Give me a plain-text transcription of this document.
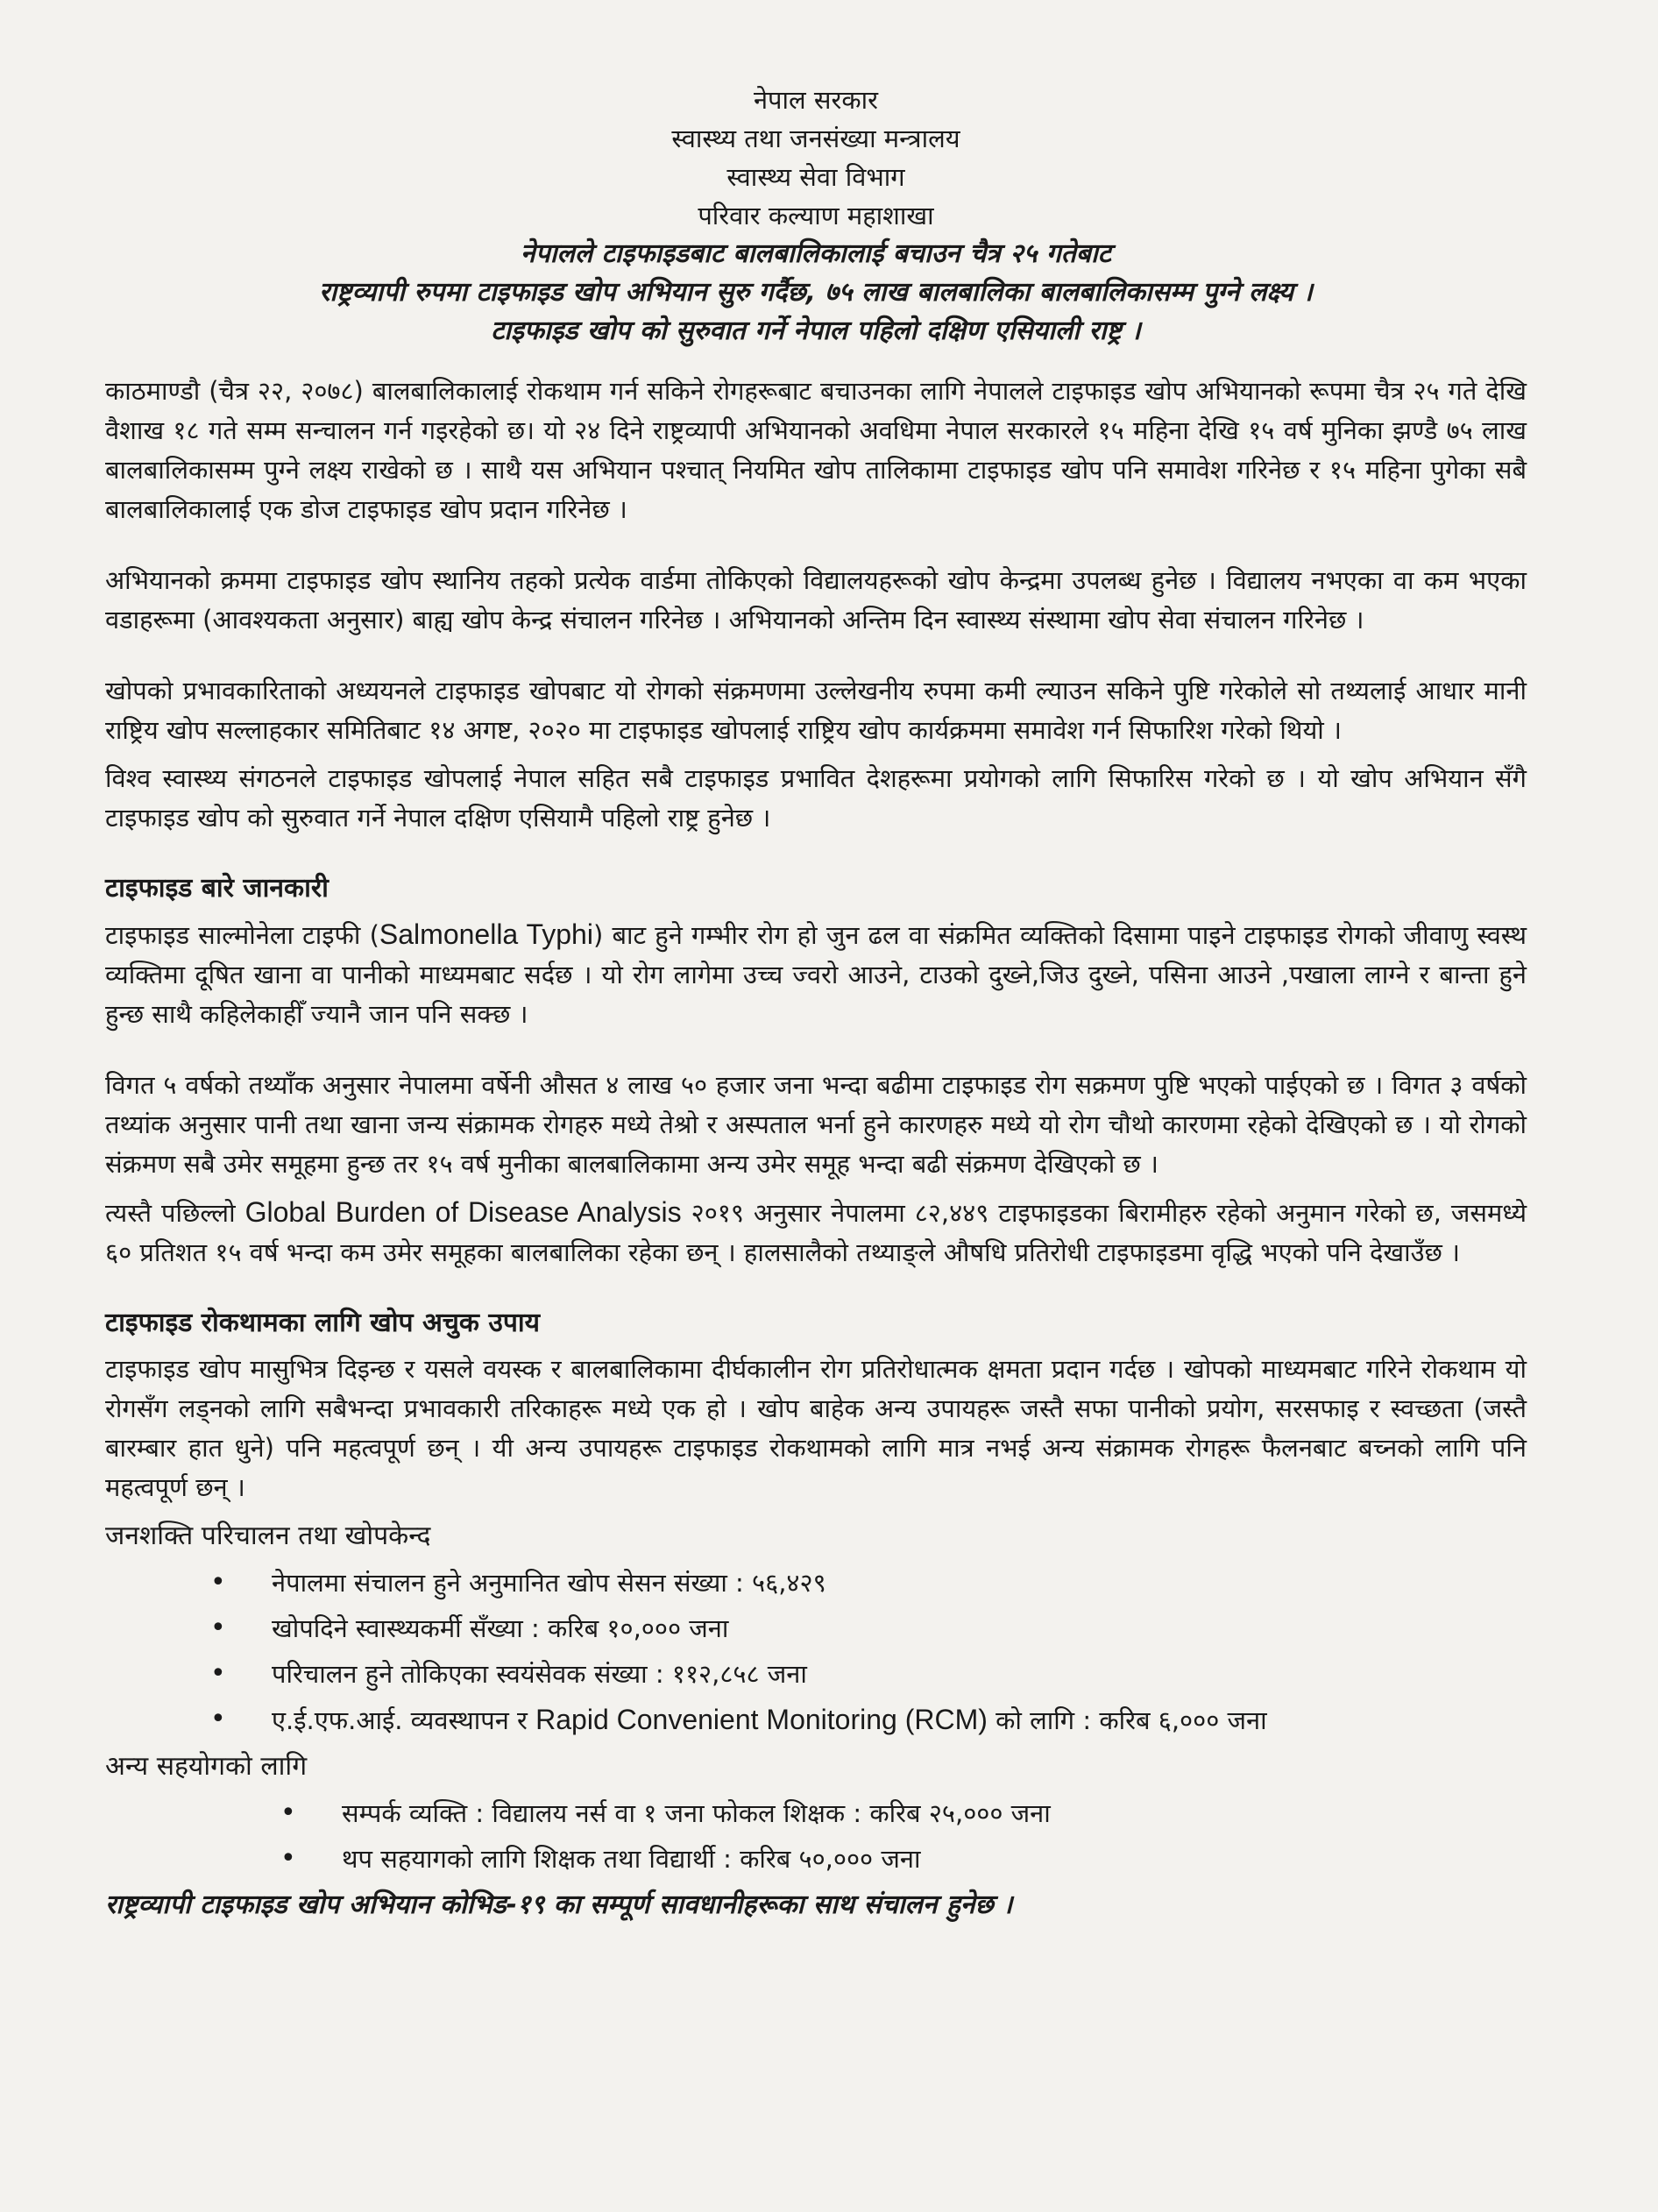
नेपाल सरकार
स्वास्थ्य तथा जनसंख्या मन्त्रालय
स्वास्थ्य सेवा विभाग
परिवार कल्याण महाशाखा
नेपालले टाइफाइडबाट बालबालिकालाई बचाउन चैत्र २५ गतेबाट
राष्ट्रव्यापी रुपमा टाइफाइड खोप अभियान सुरु गर्दैछ, ७५ लाख बालबालिका बालबालिकासम्म पुग्ने लक्ष्य ।
टाइफाइड खोप को सुरुवात गर्ने नेपाल पहिलो दक्षिण एसियाली राष्ट्र ।

काठमाण्डौ (चैत्र २२, २०७८) बालबालिकालाई रोकथाम गर्न सकिने रोगहरूबाट बचाउनका लागि नेपालले टाइफाइड खोप अभियानको रूपमा चैत्र २५ गते देखि वैशाख १८ गते सम्म सन्चालन गर्न गइरहेको छ। यो २४ दिने राष्ट्रव्यापी अभियानको अवधिमा नेपाल सरकारले १५ महिना देखि १५ वर्ष मुनिका झण्डै ७५ लाख बालबालिकासम्म पुग्ने लक्ष्य राखेको छ । साथै यस अभियान पश्चात् नियमित खोप तालिकामा टाइफाइड खोप पनि समावेश गरिनेछ र १५ महिना पुगेका सबै बालबालिकालाई एक डोज टाइफाइड खोप प्रदान गरिनेछ ।

अभियानको क्रममा टाइफाइड खोप स्थानिय तहको प्रत्येक वार्डमा तोकिएको विद्यालयहरूको खोप केन्द्रमा उपलब्ध हुनेछ । विद्यालय नभएका वा कम भएका वडाहरूमा (आवश्यकता अनुसार) बाह्य खोप केन्द्र संचालन गरिनेछ । अभियानको अन्तिम दिन स्वास्थ्य संस्थामा खोप सेवा संचालन गरिनेछ ।

खोपको प्रभावकारिताको अध्ययनले टाइफाइड खोपबाट यो रोगको संक्रमणमा उल्लेखनीय रुपमा कमी ल्याउन सकिने पुष्टि गरेकोले सो तथ्यलाई आधार मानी राष्ट्रिय खोप सल्लाहकार समितिबाट १४ अगष्ट, २०२० मा टाइफाइड खोपलाई राष्ट्रिय खोप कार्यक्रममा समावेश गर्न सिफारिश गरेको थियो ।

विश्व स्वास्थ्य संगठनले टाइफाइड खोपलाई नेपाल सहित सबै टाइफाइड प्रभावित देशहरूमा प्रयोगको लागि सिफारिस गरेको छ । यो खोप अभियान सँगै टाइफाइड खोप को सुरुवात गर्ने नेपाल दक्षिण एसियामै पहिलो राष्ट्र हुनेछ ।

टाइफाइड बारे जानकारी

टाइफाइड साल्मोनेला टाइफी (Salmonella Typhi) बाट हुने गम्भीर रोग हो जुन ढल वा संक्रमित व्यक्तिको दिसामा पाइने टाइफाइड रोगको जीवाणु स्वस्थ व्यक्तिमा दूषित खाना वा पानीको माध्यमबाट सर्दछ । यो रोग लागेमा उच्च ज्वरो आउने, टाउको दुख्ने,जिउ दुख्ने, पसिना आउने ,पखाला लाग्ने र बान्ता हुने हुन्छ साथै कहिलेकाहीँ ज्यानै जान पनि सक्छ ।

विगत ५ वर्षको तथ्याँक अनुसार नेपालमा वर्षेनी औसत ४ लाख ५० हजार जना भन्दा बढीमा टाइफाइड रोग सक्रमण पुष्टि भएको पाईएको छ । विगत ३ वर्षको तथ्यांक अनुसार पानी तथा खाना जन्य संक्रामक रोगहरु मध्ये तेश्रो र अस्पताल भर्ना हुने कारणहरु मध्ये यो रोग चौथो कारणमा रहेको देखिएको छ । यो रोगको संक्रमण सबै उमेर समूहमा हुन्छ तर १५ वर्ष मुनीका बालबालिकामा अन्य उमेर समूह भन्दा बढी संक्रमण देखिएको छ ।

त्यस्तै पछिल्लो Global Burden of Disease Analysis २०१९ अनुसार नेपालमा ८२,४४९ टाइफाइडका बिरामीहरु रहेको अनुमान गरेको छ, जसमध्ये ६० प्रतिशत १५ वर्ष भन्दा कम उमेर समूहका बालबालिका रहेका छन् । हालसालैको तथ्याङ्ले औषधि प्रतिरोधी टाइफाइडमा वृद्धि भएको पनि देखाउँछ ।

टाइफाइड रोकथामका लागि खोप अचुक उपाय

टाइफाइड खोप मासुभित्र दिइन्छ र यसले वयस्क र बालबालिकामा दीर्घकालीन रोग प्रतिरोधात्मक क्षमता प्रदान गर्दछ । खोपको माध्यमबाट गरिने रोकथाम यो रोगसँग लड्नको लागि सबैभन्दा प्रभावकारी तरिकाहरू मध्ये एक हो । खोप बाहेक अन्य उपायहरू जस्तै सफा पानीको प्रयोग, सरसफाइ र स्वच्छता (जस्तै बारम्बार हात धुने) पनि महत्वपूर्ण छन् । यी अन्य उपायहरू टाइफाइड रोकथामको लागि मात्र नभई अन्य संक्रामक रोगहरू फैलनबाट बच्नको लागि पनि महत्वपूर्ण छन् ।

जनशक्ति परिचालन तथा खोपकेन्द
• नेपालमा संचालन हुने अनुमानित खोप सेसन संख्या : ५६,४२९
• खोपदिने स्वास्थ्यकर्मी सँख्या : करिब १०,००० जना
• परिचालन हुने तोकिएका स्वयंसेवक संख्या : ११२,८५८ जना
• ए.ई.एफ.आई. व्यवस्थापन र Rapid Convenient Monitoring (RCM) को लागि : करिब ६,००० जना
अन्य सहयोगको लागि
• सम्पर्क व्यक्ति : विद्यालय नर्स वा १ जना फोकल शिक्षक : करिब २५,००० जना
• थप सहयागको लागि शिक्षक तथा विद्यार्थी : करिब ५०,००० जना
राष्ट्रव्यापी टाइफाइड खोप अभियान कोभिड-१९ का सम्पूर्ण सावधानीहरूका साथ संचालन हुनेछ ।
